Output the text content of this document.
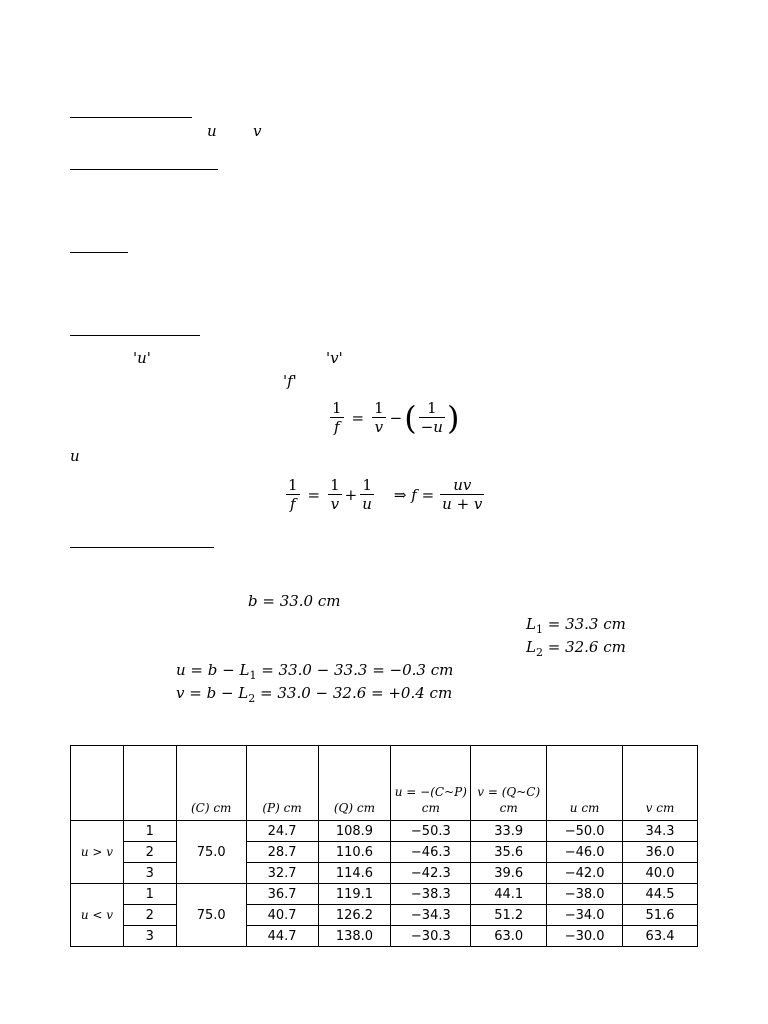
u v
'u'	'v'
'f'
$\frac{1}{f} = \frac{1}{v}$ − ( $\frac{1}{-u}$ )
u
$\frac{1}{f} = \frac{1}{v} + \frac{1}{u}$ ⇒ $f = \frac{uv}{u + v}$
b = 33.0 cm
$L_1 = 33.3$ cm
$L_2 = 32.6$ cm
$u = b - L_1 = 33.0 - 33.3 = -0.3$ cm
$v = b - L_2 = 33.0 - 32.6 = +0.4$ cm
		(C) cm	(P) cm	(Q) cm	u = −(C~P) cm	v = (Q~C) cm	u cm	v cm
u > v	1	75.0	24.7	108.9	−50.3	33.9	−50.0	34.3
	2		28.7	110.6	−46.3	35.6	−46.0	36.0
	3		32.7	114.6	−42.3	39.6	−42.0	40.0
u < v	1	75.0	36.7	119.1	−38.3	44.1	−38.0	44.5
	2		40.7	126.2	−34.3	51.2	−34.0	51.6
	3		44.7	138.0	−30.3	63.0	−30.0	63.4
